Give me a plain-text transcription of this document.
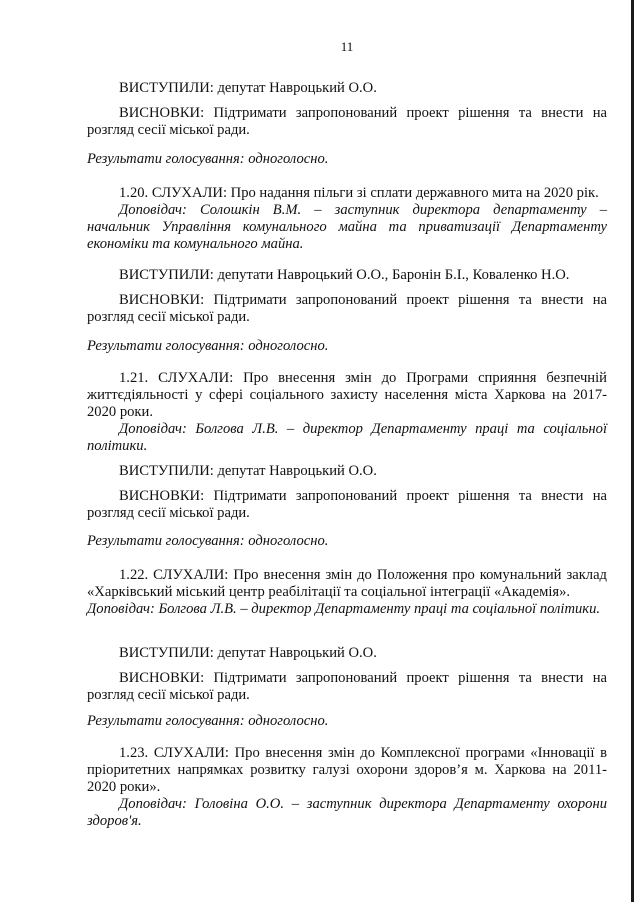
11

ВИСТУПИЛИ: депутат Навроцький О.О.

ВИСНОВКИ: Підтримати запропонований проект рішення та внести на розгляд сесії міської ради.

Результати голосування: одноголосно.

1.20. СЛУХАЛИ: Про надання пільги зі сплати державного мита на 2020 рік.

Доповідач: Солошкін В.М. – заступник директора департаменту – начальник Управління комунального майна та приватизації Департаменту економіки та комунального майна.

ВИСТУПИЛИ: депутати Навроцький О.О., Баронін Б.І., Коваленко Н.О.

ВИСНОВКИ: Підтримати запропонований проект рішення та внести на розгляд сесії міської ради.

Результати голосування: одноголосно.

1.21. СЛУХАЛИ: Про внесення змін до Програми сприяння безпечній життєдіяльності у сфері соціального захисту населення міста Харкова на 2017-2020 роки.

Доповідач: Болгова Л.В. – директор Департаменту праці та соціальної політики.

ВИСТУПИЛИ: депутат Навроцький О.О.

ВИСНОВКИ: Підтримати запропонований проект рішення та внести на розгляд сесії міської ради.

Результати голосування: одноголосно.

1.22. СЛУХАЛИ: Про внесення змін до Положення про комунальний заклад «Харківський міський центр реабілітації та соціальної інтеграції «Академія».

Доповідач: Болгова Л.В. – директор Департаменту праці та соціальної політики.

ВИСТУПИЛИ: депутат Навроцький О.О.

ВИСНОВКИ: Підтримати запропонований проект рішення та внести на розгляд сесії міської ради.

Результати голосування: одноголосно.

1.23. СЛУХАЛИ: Про внесення змін до Комплексної програми «Інновації в пріоритетних напрямках розвитку галузі охорони здоров’я м. Харкова на 2011-2020 роки».

Доповідач: Головіна О.О. – заступник директора Департаменту охорони здоров'я.
